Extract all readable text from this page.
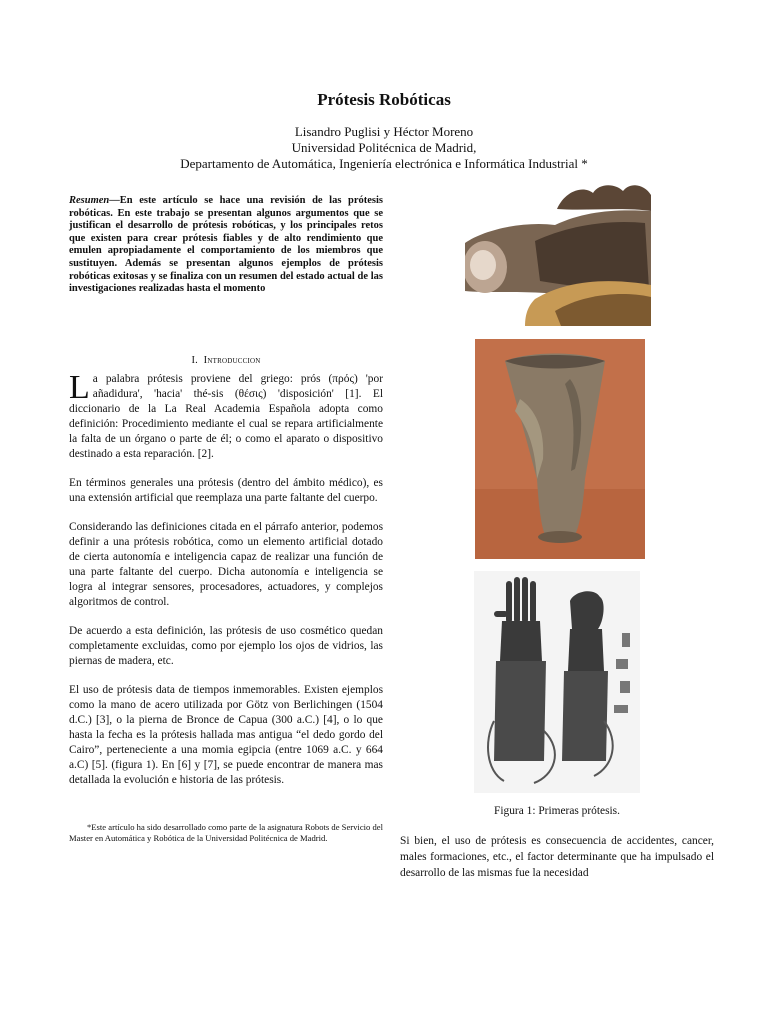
Prótesis Robóticas
Lisandro Puglisi y Héctor Moreno
Universidad Politécnica de Madrid,
Departamento de Automática, Ingeniería electrónica e Informática Industrial *
Resumen—En este artículo se hace una revisión de las prótesis robóticas. En este trabajo se presentan algunos argumentos que se justifican el desarrollo de prótesis robóticas, y los principales retos que existen para crear prótesis fiables y de alto rendimiento que emulen apropiadamente el comportamiento de los miembros que sustituyen. Además se presentan algunos ejemplos de prótesis robóticas exitosas y se finaliza con un resumen del estado actual de las investigaciones realizadas hasta el momento
I. Introduccion

La palabra prótesis proviene del griego: prós (πρός) 'por añadidura', 'hacia' thé-sis (θέσις) 'disposición' [1]. El diccionario de la La Real Academia Española adopta como definición: Procedimiento mediante el cual se repara artificialmente la falta de un órgano o parte de él; o como el aparato o dispositivo destinado a esta reparación. [2].

En términos generales una prótesis (dentro del ámbito médico), es una extensión artificial que reemplaza una parte faltante del cuerpo.

Considerando las definiciones citada en el párrafo anterior, podemos definir a una prótesis robótica, como un elemento artificial dotado de cierta autonomía e inteligencia capaz de realizar una función de una parte faltante del cuerpo. Dicha autonomía e inteligencia se logra al integrar sensores, procesadores, actuadores, y complejos algoritmos de control.

De acuerdo a esta definición, las prótesis de uso cosmético quedan completamente excluidas, como por ejemplo los ojos de vidrios, las piernas de madera, etc.

El uso de prótesis data de tiempos inmemorables. Existen ejemplos como la mano de acero utilizada por Götz von Berlichingen (1504 d.C.) [3], o la pierna de Bronce de Capua (300 a.C.) [4], o lo que hasta la fecha es la prótesis hallada mas antigua “el dedo gordo del Cairo”, perteneciente a una momia egipcia (entre 1069 a.C. y 664 a.C) [5]. (figura 1). En [6] y [7], se puede encontrar de manera mas detallada la evolución e historia de las prótesis.

*Este artículo ha sido desarrollado como parte de la asignatura Robots de Servicio del Master en Automática y Robótica de la Universidad Politécnica de Madrid.
Figura 1: Primeras prótesis.
Si bien, el uso de prótesis es consecuencia de accidentes, cancer, males formaciones, etc., el factor determinante que ha impulsado el desarrollo de las mismas fue la necesidad
